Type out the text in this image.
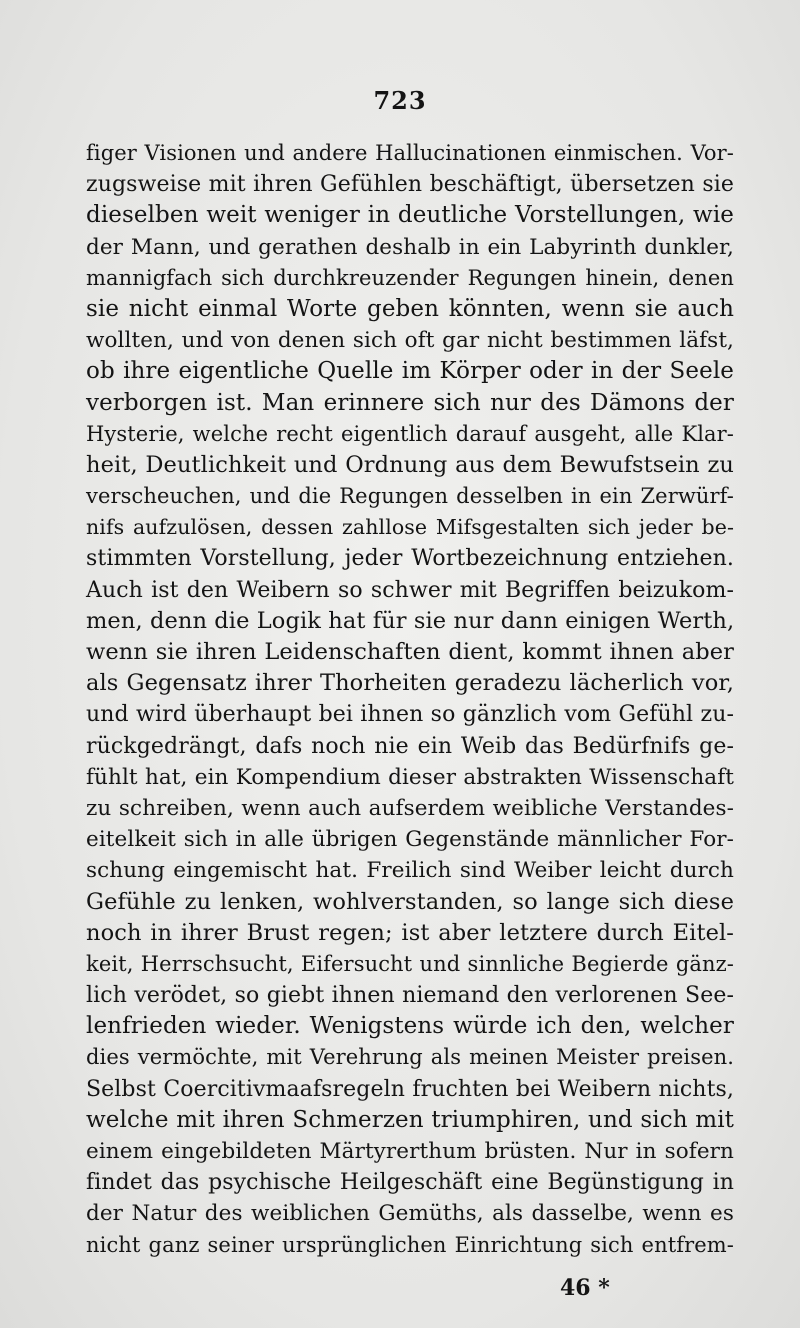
723
figer Visionen und andere Hallucinationen einmischen. Vor-
zugsweise mit ihren Gefühlen beschäftigt, übersetzen sie
dieselben weit weniger in deutliche Vorstellungen, wie
der Mann, und gerathen deshalb in ein Labyrinth dunkler,
mannigfach sich durchkreuzender Regungen hinein, denen
sie nicht einmal Worte geben könnten, wenn sie auch
wollten, und von denen sich oft gar nicht bestimmen läfst,
ob ihre eigentliche Quelle im Körper oder in der Seele
verborgen ist. Man erinnere sich nur des Dämons der
Hysterie, welche recht eigentlich darauf ausgeht, alle Klar-
heit, Deutlichkeit und Ordnung aus dem Bewufstsein zu
verscheuchen, und die Regungen desselben in ein Zerwürf-
nifs aufzulösen, dessen zahllose Mifsgestalten sich jeder be-
stimmten Vorstellung, jeder Wortbezeichnung entziehen.
Auch ist den Weibern so schwer mit Begriffen beizukom-
men, denn die Logik hat für sie nur dann einigen Werth,
wenn sie ihren Leidenschaften dient, kommt ihnen aber
als Gegensatz ihrer Thorheiten geradezu lächerlich vor,
und wird überhaupt bei ihnen so gänzlich vom Gefühl zu-
rückgedrängt, dafs noch nie ein Weib das Bedürfnifs ge-
fühlt hat, ein Kompendium dieser abstrakten Wissenschaft
zu schreiben, wenn auch aufserdem weibliche Verstandes-
eitelkeit sich in alle übrigen Gegenstände männlicher For-
schung eingemischt hat. Freilich sind Weiber leicht durch
Gefühle zu lenken, wohlverstanden, so lange sich diese
noch in ihrer Brust regen; ist aber letztere durch Eitel-
keit, Herrschsucht, Eifersucht und sinnliche Begierde gänz-
lich verödet, so giebt ihnen niemand den verlorenen See-
lenfrieden wieder. Wenigstens würde ich den, welcher
dies vermöchte, mit Verehrung als meinen Meister preisen.
Selbst Coercitivmaafsregeln fruchten bei Weibern nichts,
welche mit ihren Schmerzen triumphiren, und sich mit
einem eingebildeten Märtyrerthum brüsten. Nur in sofern
findet das psychische Heilgeschäft eine Begünstigung in
der Natur des weiblichen Gemüths, als dasselbe, wenn es
nicht ganz seiner ursprünglichen Einrichtung sich entfrem-
46 *
